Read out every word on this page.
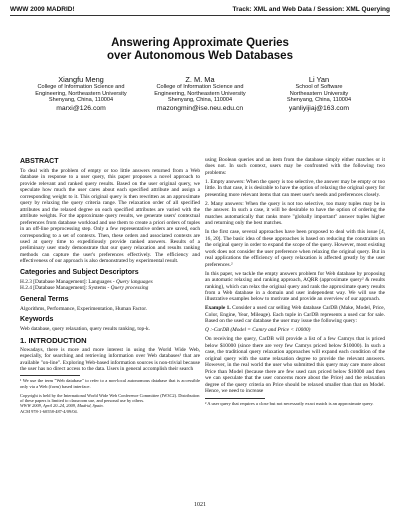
WWW 2009 MADRID!	Track: XML and Web Data / Session: XML Querying
Answering Approximate Queries
over Autonomous Web Databases
Xiangfu Meng
College of Information Science and
Engineering, Northeastern University
Shenyang, China, 110004
marxi@126.com
Z. M. Ma
College of Information Science and
Engineering, Northeastern University
Shenyang, China, 110004
mazongmin@ise.neu.edu.cn
Li Yan
School of Software
Northeastern University
Shenyang, China, 110004
yanliyijiaj@163.com
ABSTRACT

To deal with the problem of empty or too little answers returned from a Web database in response to a user query, this paper proposes a novel approach to provide relevant and ranked query results. Based on the user original query, we speculate how much the user cares about each specified attribute and assign a corresponding weight to it. This original query is then rewritten as an approximate query by relaxing the query criteria range. The relaxation order of all specified attributes and the relaxed degree on each specified attributes are varied with the attribute weights. For the approximate query results, we generate users' contextual preferences from database workload and use them to create a priori orders of tuples in an off-line preprocessing step. Only a few representative orders are saved, each corresponding to a set of contexts. Then, these orders and associated contexts are used at query time to expeditiously provide ranked answers. Results of a preliminary user study demonstrate that our query relaxation and results ranking methods can capture the user's preferences effectively. The efficiency and effectiveness of our approach is also demonstrated by experimental result.

Categories and Subject Descriptors
H.2.3 [Database Management]: Languages - Query languages
H.2.4 [Database Management]: Systems - Query processing
General Terms

Algorithms, Performance, Experimentation, Human Factor.

Keywords

Web database, query relaxation, query results ranking, top-k.

1. INTRODUCTION

Nowadays, there is more and more interest in using the World Wide Web, especially, for searching and retrieving information over Web databases¹ that are available "on-line". Exploring Web-based information sources is non-trivial because the user has no direct access to the data. Users in general accomplish their search

¹ We use the term "Web database" to refer to a non-local autonomous database that is accessible only via a Web (form) based interface.

Copyright is held by the International World Wide Web Conference Committee (IW3C2). Distribution of these papers is limited to classroom use, and personal use by others.
WWW 2009, April 20–24, 2009, Madrid, Spain.
ACM 978-1-60558-487-4/09/04.

using Boolean queries and an item from the database simply either matches or it does not. In such context, users may be confronted with the following two problems:

1. Empty answers: When the query is too selective, the answer may be empty or too little. In that case, it is desirable to have the option of relaxing the original query for presenting more relevant items that can meet user's needs and preferences closely.

2. Many answers: When the query is not too selective, too many tuples may be in the answer. In such a case, it will be desirable to have the option of ordering the matches automatically that ranks more "globally important" answer tuples higher and returning only the best matches.

In the first case, several approaches have been proposed to deal with this issue [4, 16, 20]. The basic idea of these approaches is based on reducing the constraints on the original query in order to expand the scope of the query. However, most existing work does not consider the user preference when relaxing the original query. But in real applications the efficiency of query relaxation is affected greatly by the user preferences.²

In this paper, we tackle the empty answers problem for Web database by proposing an automatic relaxing and ranking approach, AQRR (approximate query² & results ranking), which can relax the original query and rank the approximate query results from a Web database in a domain and user independent way. We will use the illustrative examples below to motivate and provide an overview of our approach.

Example 1. Consider a used car selling Web database CarDB (Make, Model, Price, Color, Engine, Year, Mileage). Each tuple in CarDB represents a used car for sale. Based on the used car database the user may issue the following query:

Q :-CarDB (Model = Camry and Price < 10000)

On receiving the query, CarDB will provide a list of a few Camrys that is priced below $10000 (since there are very few Camrys priced below $10000). In such a case, the traditional query relaxation approaches will expand each condition of the original query with the same relaxation degree to provide the relevant answers. However, in the real world the user who submitted this query may care more about Price than Model (because there are few used cars priced below $10000 and then we can speculate that the user concerns more about the Price) and the relaxation degree of the query criteria on Price should be relaxed smaller than that on Model. Hence, we need to increase

² A user query that requires a close but not necessarily exact match is an approximate query.

1021
